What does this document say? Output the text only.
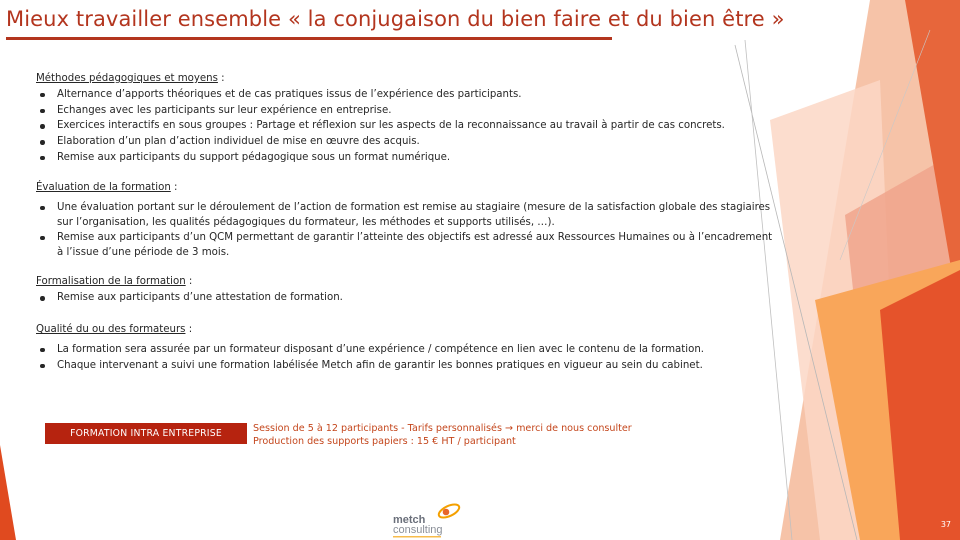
Mieux travailler ensemble « la conjugaison du bien faire et du bien être »

Méthodes pédagogiques et moyens :

Alternance d’apports théoriques et de cas pratiques issus de l’expérience des participants.
Echanges avec les participants sur leur expérience en entreprise.
Exercices interactifs en sous groupes : Partage et réflexion sur les aspects de la reconnaissance au travail à partir de cas concrets.
Elaboration d’un plan d’action individuel de mise en œuvre des acquis.
Remise aux participants du support pédagogique sous un format numérique.

Évaluation de la formation :

Une évaluation portant sur le déroulement de l’action de formation est remise au stagiaire (mesure de la satisfaction globale des stagiaires sur l’organisation, les qualités pédagogiques du formateur, les méthodes et supports utilisés, …).
Remise aux participants d’un QCM permettant de garantir l’atteinte des objectifs est adressé aux Ressources Humaines ou à l’encadrement à l’issue d’une période de 3 mois.

Formalisation de la formation :

Remise aux participants d’une attestation de formation.

Qualité du ou des formateurs :

La formation sera assurée par un formateur disposant d’une expérience / compétence en lien avec le contenu de la formation.
Chaque intervenant a suivi une formation labélisée Metch afin de garantir les bonnes pratiques en vigueur au sein du cabinet.
FORMATION INTRA ENTREPRISE	Session de 5 à 12 participants - Tarifs personnalisés → merci de nous consulter
Production des supports papiers : 15 € HT / participant
metch
consulting	37
